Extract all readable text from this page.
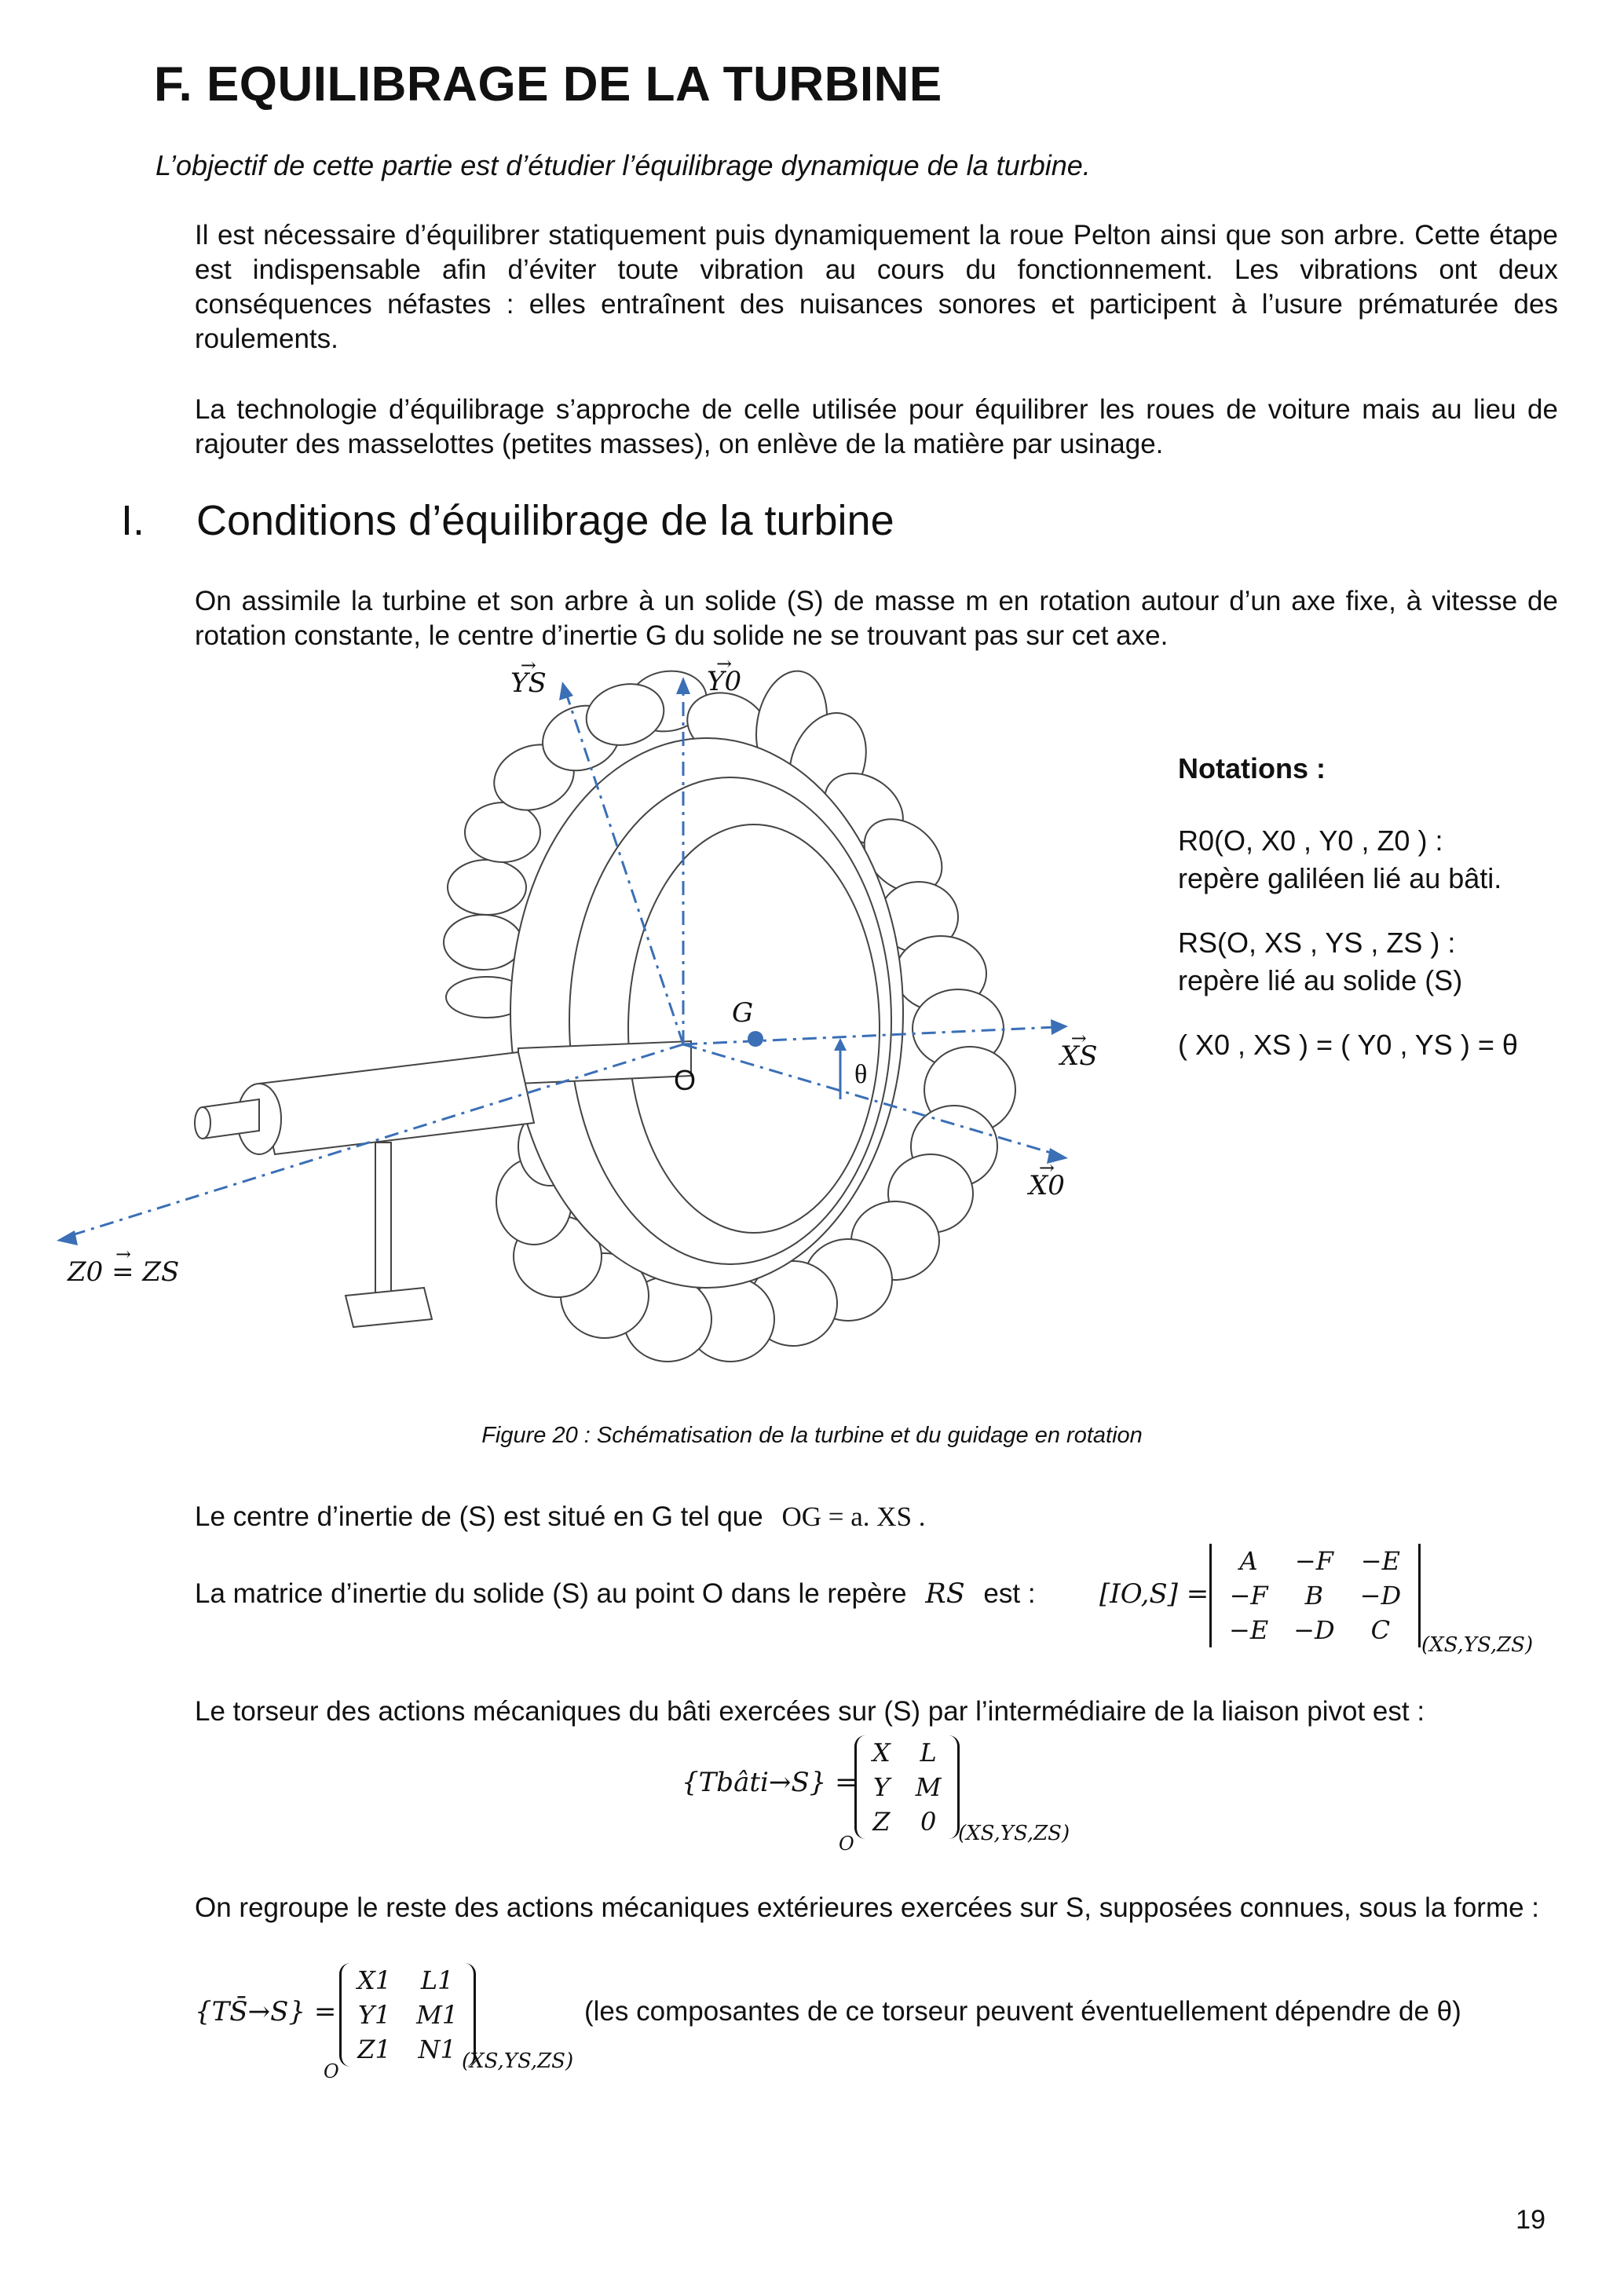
F. EQUILIBRAGE DE LA TURBINE
L’objectif de cette partie est d’étudier l’équilibrage dynamique de la turbine.
Il est nécessaire d’équilibrer statiquement puis dynamiquement la roue Pelton ainsi que son arbre. Cette étape est indispensable afin d’éviter toute vibration au cours du fonctionnement. Les vibrations ont deux conséquences néfastes : elles entraînent des nuisances sonores et participent à l’usure prématurée des roulements.
La technologie d’équilibrage s’approche de celle utilisée pour équilibrer les roues de voiture mais au lieu de rajouter des masselottes (petites masses), on enlève de la matière par usinage.
I. Conditions d’équilibrage de la turbine
On assimile la turbine et son arbre à un solide (S) de masse m en rotation autour d’un axe fixe, à vitesse de rotation constante, le centre d’inertie G du solide ne se trouvant pas sur cet axe.
→ YS	→ Y0
→ XS
→ X0
→ Z0 = ZS
G
O	θ
Figure 20 : Schématisation de la turbine et du guidage en rotation
Notations :
R0(O, X0 , Y0 , Z0 ) :
repère galiléen lié au bâti.
RS(O, XS , YS , ZS ) :
repère lié au solide (S)
( X0 , XS ) = ( Y0 , YS ) = θ
Le centre d’inertie de (S) est situé en G tel que OG = a. XS .
La matrice d’inertie du solide (S) au point O dans le repère RS est : [IO,S] =
A	−F	−E
−F	B	−D
−E	−D	C (XS,YS,ZS)
Le torseur des actions mécaniques du bâti exercées sur (S) par l’intermédiaire de la liaison pivot est :
{Tbâti→S} =
X	L
Y	M
Z	0
O	(XS,YS,ZS)
On regroupe le reste des actions mécaniques extérieures exercées sur S, supposées connues, sous la forme :
{TS̄→S} =
X1	L1
Y1	M1
Z1	N1
O	(XS,YS,ZS)
(les composantes de ce torseur peuvent éventuellement dépendre de θ)
19
